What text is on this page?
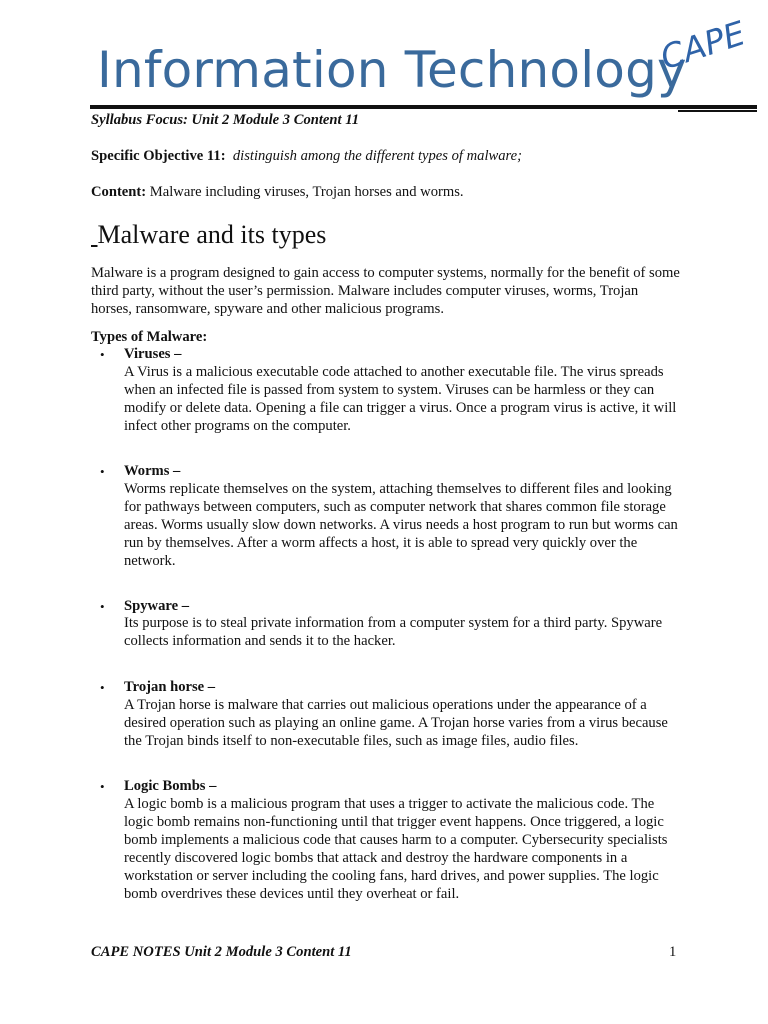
Information Technology
CAPE
Syllabus Focus: Unit 2 Module 3 Content 11
Specific Objective 11: distinguish among the different types of malware;
Content: Malware including viruses, Trojan horses and worms.
Malware and its types
Malware is a program designed to gain access to computer systems, normally for the benefit of some third party, without the user’s permission. Malware includes computer viruses, worms, Trojan horses, ransomware, spyware and other malicious programs.
Types of Malware:
• Viruses –
A Virus is a malicious executable code attached to another executable file. The virus spreads when an infected file is passed from system to system. Viruses can be harmless or they can modify or delete data. Opening a file can trigger a virus. Once a program virus is active, it will infect other programs on the computer.
• Worms –
Worms replicate themselves on the system, attaching themselves to different files and looking for pathways between computers, such as computer network that shares common file storage areas. Worms usually slow down networks. A virus needs a host program to run but worms can run by themselves. After a worm affects a host, it is able to spread very quickly over the network.
• Spyware –
Its purpose is to steal private information from a computer system for a third party. Spyware collects information and sends it to the hacker.
• Trojan horse –
A Trojan horse is malware that carries out malicious operations under the appearance of a desired operation such as playing an online game. A Trojan horse varies from a virus because the Trojan binds itself to non-executable files, such as image files, audio files.
• Logic Bombs –
A logic bomb is a malicious program that uses a trigger to activate the malicious code. The logic bomb remains non-functioning until that trigger event happens. Once triggered, a logic bomb implements a malicious code that causes harm to a computer. Cybersecurity specialists recently discovered logic bombs that attack and destroy the hardware components in a workstation or server including the cooling fans, hard drives, and power supplies. The logic bomb overdrives these devices until they overheat or fail.
CAPE NOTES Unit 2 Module 3 Content 11	1
